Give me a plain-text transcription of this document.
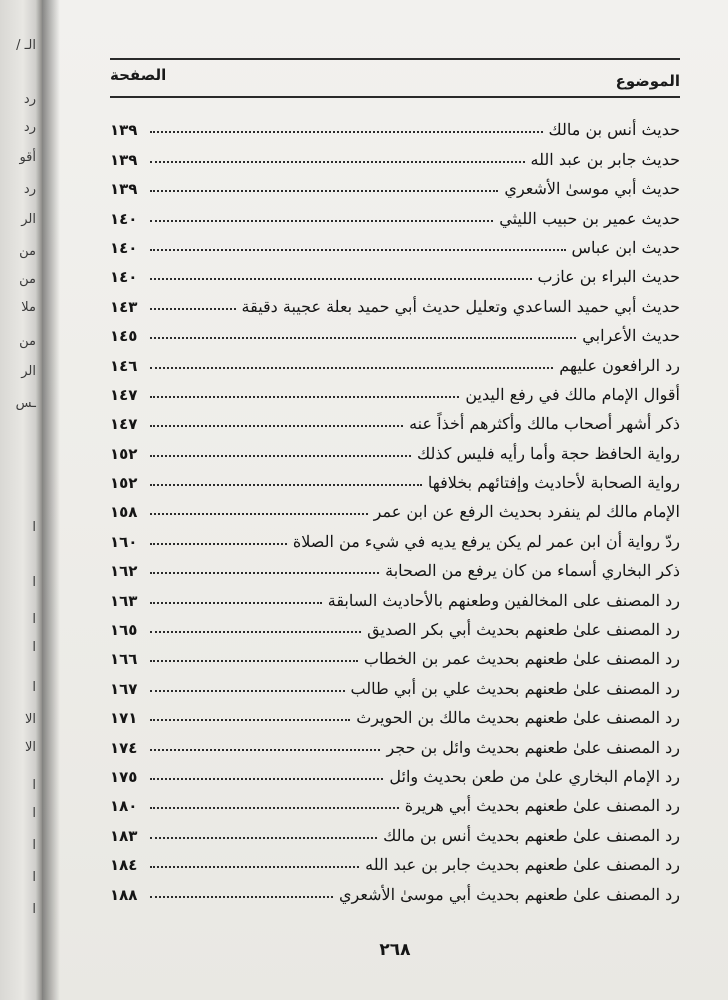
/ الـ
رد
رد
أقو
رد
الر
من
من
ملا
من
الر
ـس
ا
ا
ا
ا
ا
الا
الا
ا
ا
ا
ا
ا
الموضوع
الصفحة
حديث أنس بن مالك
١٣٩
حديث جابر بن عبد الله
١٣٩
حديث أبي موسىٰ الأشعري
١٣٩
حديث عمير بن حبيب الليثي
١٤٠
حديث ابن عباس
١٤٠
حديث البراء بن عازب
١٤٠
حديث أبي حميد الساعدي وتعليل حديث أبي حميد بعلة عجيبة دقيقة
١٤٣
حديث الأعرابي
١٤٥
رد الرافعون عليهم
١٤٦
أقوال الإمام مالك في رفع اليدين
١٤٧
ذكر أشهر أصحاب مالك وأكثرهم أخذاً عنه
١٤٧
رواية الحافظ حجة وأما رأيه فليس كذلك
١٥٢
رواية الصحابة لأحاديث وإفتائهم بخلافها
١٥٢
الإمام مالك لم ينفرد بحديث الرفع عن ابن عمر
١٥٨
ردّ رواية أن ابن عمر لم يكن يرفع يديه في شيء من الصلاة
١٦٠
ذكر البخاري أسماء من كان يرفع من الصحابة
١٦٢
رد المصنف على المخالفين وطعنهم بالأحاديث السابقة
١٦٣
رد المصنف علىٰ طعنهم بحديث أبي بكر الصديق
١٦٥
رد المصنف علىٰ طعنهم بحديث عمر بن الخطاب
١٦٦
رد المصنف علىٰ طعنهم بحديث علي بن أبي طالب
١٦٧
رد المصنف علىٰ طعنهم بحديث مالك بن الحويرث
١٧١
رد المصنف علىٰ طعنهم بحديث وائل بن حجر
١٧٤
رد الإمام البخاري علىٰ من طعن بحديث وائل
١٧٥
رد المصنف علىٰ طعنهم بحديث أبي هريرة
١٨٠
رد المصنف علىٰ طعنهم بحديث أنس بن مالك
١٨٣
رد المصنف علىٰ طعنهم بحديث جابر بن عبد الله
١٨٤
رد المصنف علىٰ طعنهم بحديث أبي موسىٰ الأشعري
١٨٨
٢٦٨
